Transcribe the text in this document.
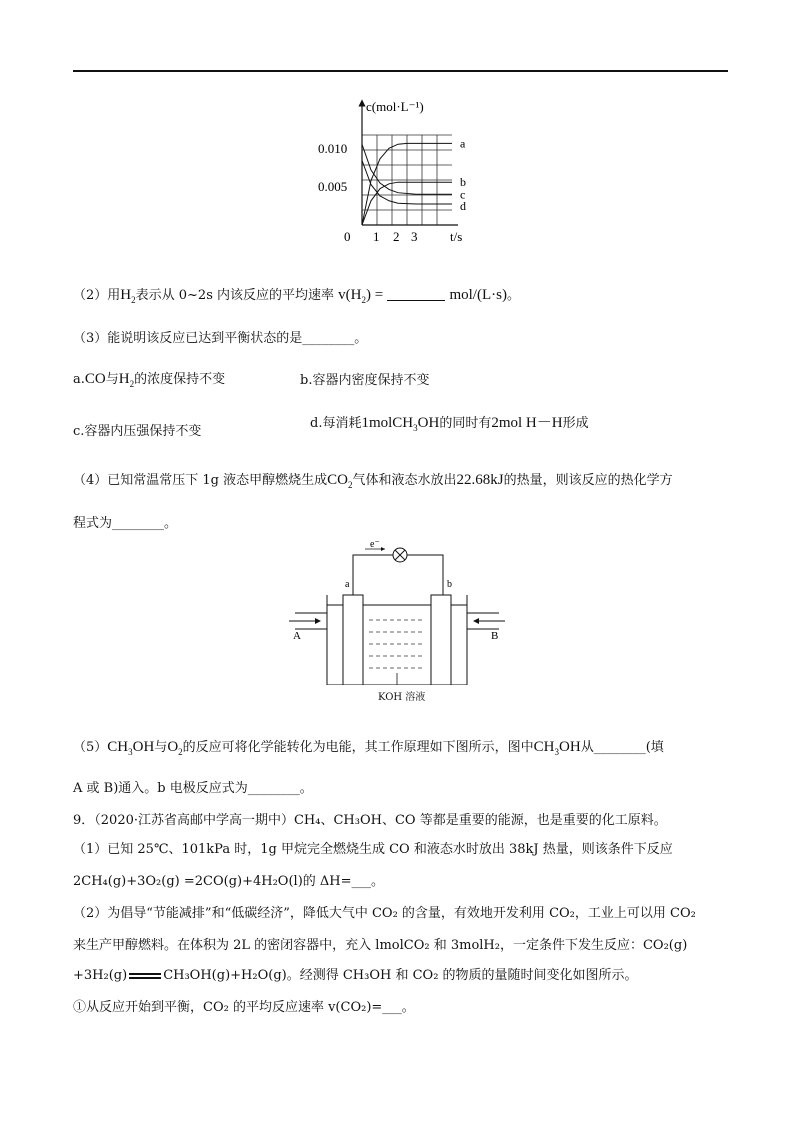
c(mol·L⁻¹)
0.010
0.005
0 1 2 3	t/s
a
b
c
d
（2）用$H_2$表示从 0~2s 内该反应的平均速率 $v(H_2)$ =	mol/(L·s)。
（3）能说明该反应已达到平衡状态的是________。
a.CO与$H_2$的浓度保持不变	b.容器内密度保持不变
c.容器内压强保持不变
d.每消耗1molCH$_3$OH的同时有2mol H－H形成
（4）已知常温常压下 1g 液态甲醇燃烧生成$CO_2$气体和液态水放出22.68kJ的热量，则该反应的热化学方
程式为________。
e⁻
a	b
A	B
KOH 溶液
$(5)CH_3OH$与$O_2$的反应可将化学能转化为电能，其工作原理如下图所示，图中$CH_3OH$从________(填
A 或 B)通入。b 电极反应式为________。
9．（2020·江苏省高邮中学高一期中）CH₄、CH₃OH、CO 等都是重要的能源，也是重要的化工原料。
（1）已知 25℃、101kPa 时，1g 甲烷完全燃烧生成 CO 和液态水时放出 38kJ 热量，则该条件下反应
2CH₄(g)+3O₂(g) =2CO(g)+4H₂O(l)的 ΔH=___。
（2）为倡导“节能减排”和“低碳经济”，降低大气中 CO₂ 的含量，有效地开发利用 CO₂，工业上可以用 CO₂
来生产甲醇燃料。在体积为 2L 的密闭容器中，充入 lmolCO₂ 和 3molH₂，一定条件下发生反应：CO₂(g)
+3H₂(g)	CH₃OH(g)+H₂O(g)。经测得 CH₃OH 和 CO₂ 的物质的量随时间变化如图所示。
①从反应开始到平衡，CO₂ 的平均反应速率 v(CO₂)=___。
